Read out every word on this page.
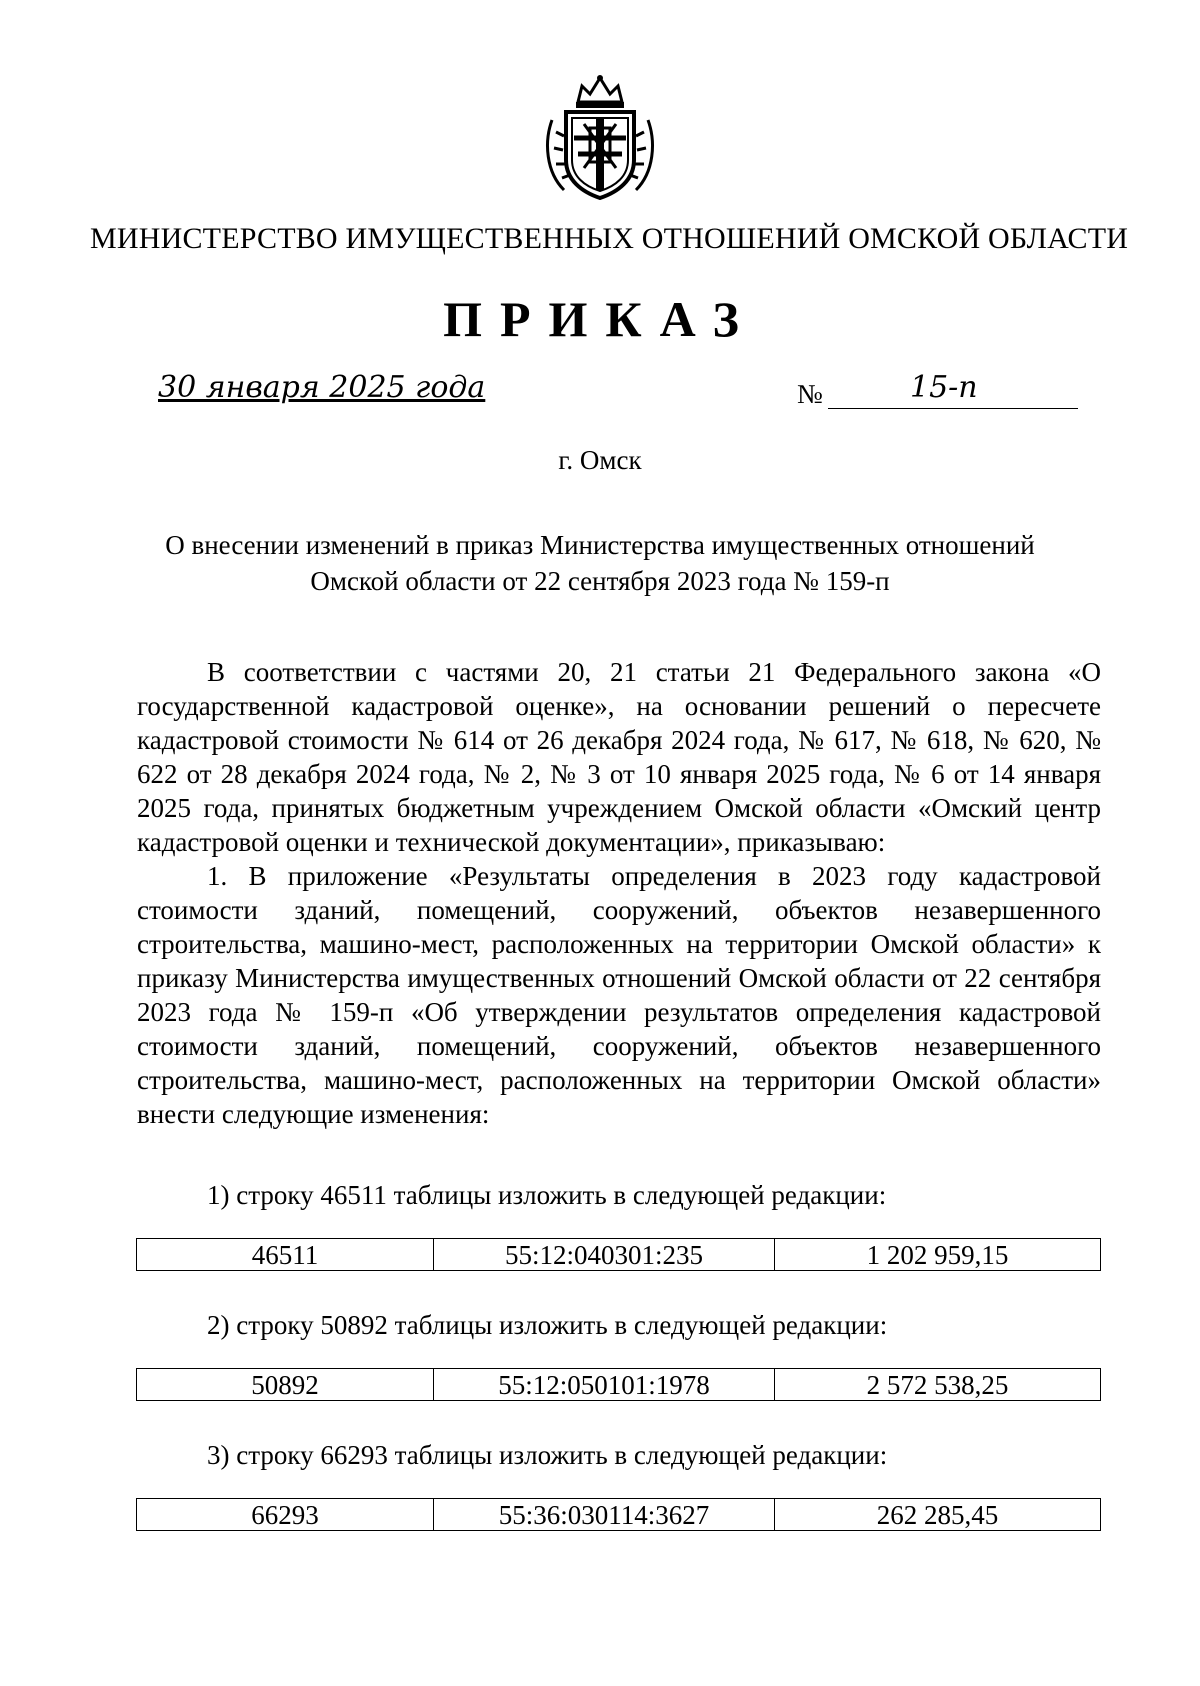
МИНИСТЕРСТВО ИМУЩЕСТВЕННЫХ ОТНОШЕНИЙ ОМСКОЙ ОБЛАСТИ
ПРИКАЗ
30 января 2025 года	№	15-п
г. Омск
О внесении изменений в приказ Министерства имущественных отношений
Омской области от 22 сентября 2023 года № 159-п

В соответствии с частями 20, 21 статьи 21 Федерального закона «О государственной кадастровой оценке», на основании решений о пересчете кадастровой стоимости № 614 от 26 декабря 2024 года, № 617, № 618, № 620, № 622 от 28 декабря 2024 года, № 2, № 3 от 10 января 2025 года, № 6 от 14 января 2025 года, принятых бюджетным учреждением Омской области «Омский центр кадастровой оценки и технической документации», приказываю:

1. В приложение «Результаты определения в 2023 году кадастровой стоимости зданий, помещений, сооружений, объектов незавершенного строительства, машино-мест, расположенных на территории Омской области» к приказу Министерства имущественных отношений Омской области от 22 сентября 2023 года № 159-п «Об утверждении результатов определения кадастровой стоимости зданий, помещений, сооружений, объектов незавершенного строительства, машино-мест, расположенных на территории Омской области» внести следующие изменения:

1) строку 46511 таблицы изложить в следующей редакции:
46511	55:12:040301:235	1 202 959,15
2) строку 50892 таблицы изложить в следующей редакции:
50892	55:12:050101:1978	2 572 538,25
3) строку 66293 таблицы изложить в следующей редакции:
66293	55:36:030114:3627	262 285,45
